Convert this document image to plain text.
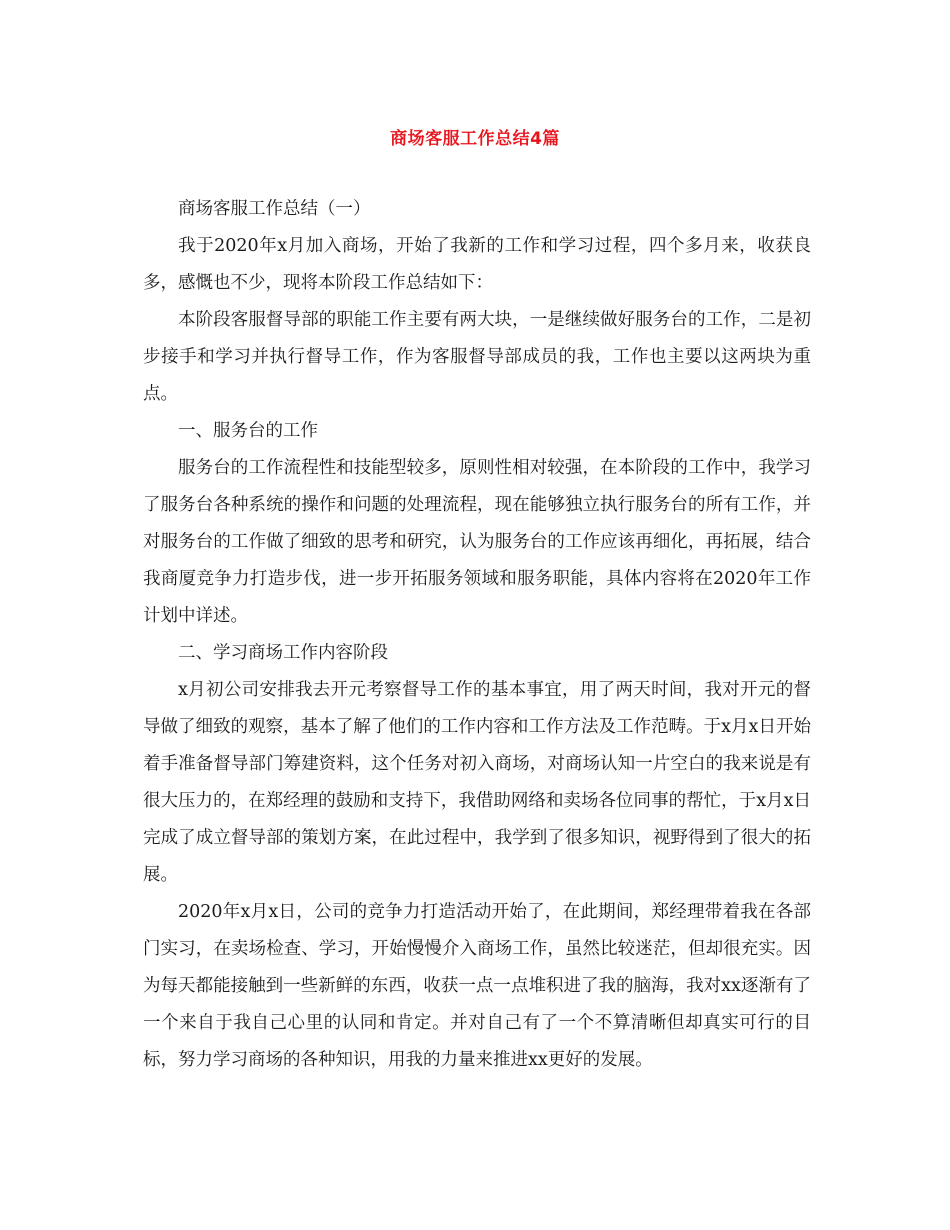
商场客服工作总结4篇

商场客服工作总结（一）

我于2020年x月加入商场，开始了我新的工作和学习过程，四个多月来，收获良多，感慨也不少，现将本阶段工作总结如下：

本阶段客服督导部的职能工作主要有两大块，一是继续做好服务台的工作，二是初步接手和学习并执行督导工作，作为客服督导部成员的我，工作也主要以这两块为重点。

一、服务台的工作

服务台的工作流程性和技能型较多，原则性相对较强，在本阶段的工作中，我学习了服务台各种系统的操作和问题的处理流程，现在能够独立执行服务台的所有工作，并对服务台的工作做了细致的思考和研究，认为服务台的工作应该再细化，再拓展，结合我商厦竞争力打造步伐，进一步开拓服务领域和服务职能，具体内容将在2020年工作计划中详述。

二、学习商场工作内容阶段

x月初公司安排我去开元考察督导工作的基本事宜，用了两天时间，我对开元的督导做了细致的观察，基本了解了他们的工作内容和工作方法及工作范畴。于x月x日开始着手准备督导部门筹建资料，这个任务对初入商场，对商场认知一片空白的我来说是有很大压力的，在郑经理的鼓励和支持下，我借助网络和卖场各位同事的帮忙，于x月x日完成了成立督导部的策划方案，在此过程中，我学到了很多知识，视野得到了很大的拓展。

2020年x月x日，公司的竞争力打造活动开始了，在此期间，郑经理带着我在各部门实习，在卖场检查、学习，开始慢慢介入商场工作，虽然比较迷茫，但却很充实。因为每天都能接触到一些新鲜的东西，收获一点一点堆积进了我的脑海，我对xx逐渐有了一个来自于我自己心里的认同和肯定。并对自己有了一个不算清晰但却真实可行的目标，努力学习商场的各种知识，用我的力量来推进xx更好的发展。
